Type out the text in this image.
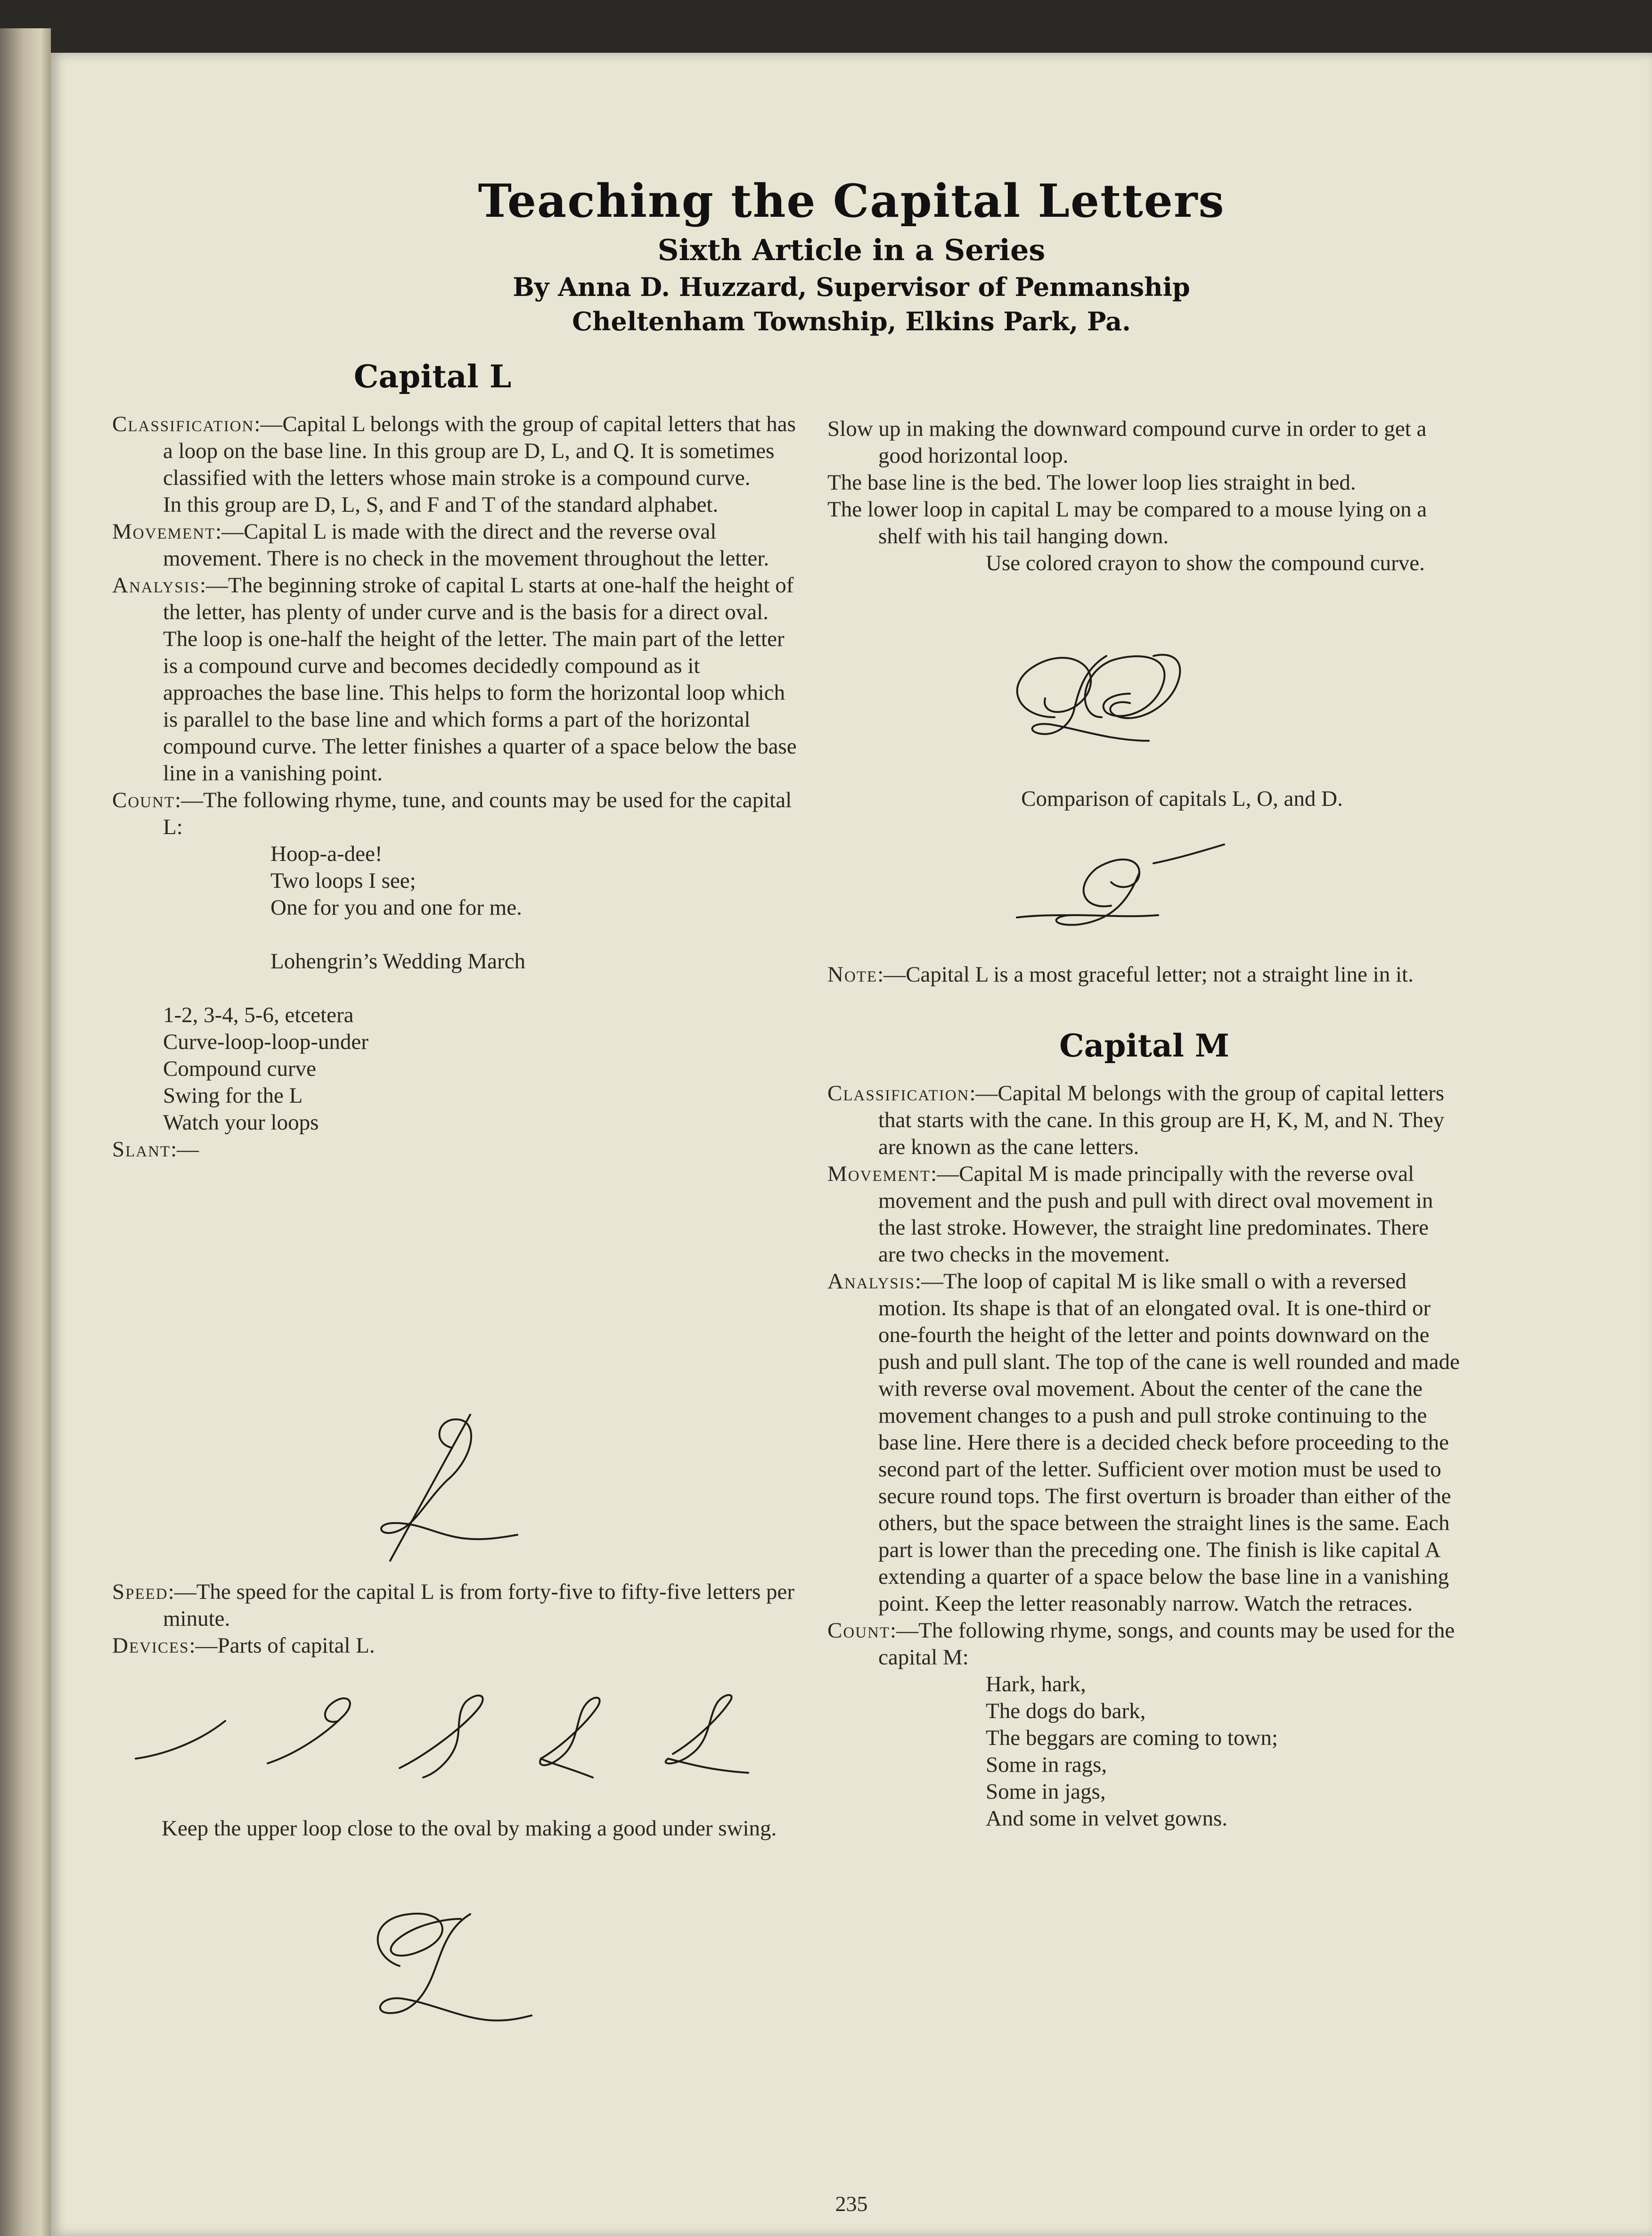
Teaching the Capital Letters
Sixth Article in a Series
By Anna D. Huzzard, Supervisor of Penmanship
Cheltenham Township, Elkins Park, Pa.
Capital L

Classification:—Capital L belongs with the group of capital letters that has a loop on the base line. In this group are D, L, and Q. It is sometimes classified with the letters whose main stroke is a compound curve.

In this group are D, L, S, and F and T of the standard alphabet.

Movement:—Capital L is made with the direct and the reverse oval movement. There is no check in the movement throughout the letter.

Analysis:—The beginning stroke of capital L starts at one-half the height of the letter, has plenty of under curve and is the basis for a direct oval. The loop is one-half the height of the letter. The main part of the letter is a compound curve and becomes decidedly compound as it approaches the base line. This helps to form the horizontal loop which is parallel to the base line and which forms a part of the horizontal compound curve. The letter finishes a quarter of a space below the base line in a vanishing point.

Count:—The following rhyme, tune, and counts may be used for the capital L:

Hoop-a-dee!

Two loops I see;

One for you and one for me.

Lohengrin’s Wedding March

1-2, 3-4, 5-6, etcetera

Curve-loop-loop-under

Compound curve

Swing for the L

Watch your loops

Slant:—

Speed:—The speed for the capital L is from forty-five to fifty-five letters per minute.

Devices:—Parts of capital L.

Keep the upper loop close to the oval by making a good under swing.

Slow up in making the downward compound curve in order to get a good horizontal loop.

The base line is the bed. The lower loop lies straight in bed.

The lower loop in capital L may be compared to a mouse lying on a shelf with his tail hanging down.

Use colored crayon to show the compound curve.

Comparison of capitals L, O, and D.

Note:—Capital L is a most graceful letter; not a straight line in it.

Capital M

Classification:—Capital M belongs with the group of capital letters that starts with the cane. In this group are H, K, M, and N. They are known as the cane letters.

Movement:—Capital M is made principally with the reverse oval movement and the push and pull with direct oval movement in the last stroke. However, the straight line predominates. There are two checks in the movement.

Analysis:—The loop of capital M is like small o with a reversed motion. Its shape is that of an elongated oval. It is one-third or one-fourth the height of the letter and points downward on the push and pull slant. The top of the cane is well rounded and made with reverse oval movement. About the center of the cane the movement changes to a push and pull stroke continuing to the base line. Here there is a decided check before proceeding to the second part of the letter. Sufficient over motion must be used to secure round tops. The first overturn is broader than either of the others, but the space between the straight lines is the same. Each part is lower than the preceding one. The finish is like capital A extending a quarter of a space below the base line in a vanishing point. Keep the letter reasonably narrow. Watch the retraces.

Count:—The following rhyme, songs, and counts may be used for the capital M:

Hark, hark,

The dogs do bark,

The beggars are coming to town;

Some in rags,

Some in jags,

And some in velvet gowns.

235
